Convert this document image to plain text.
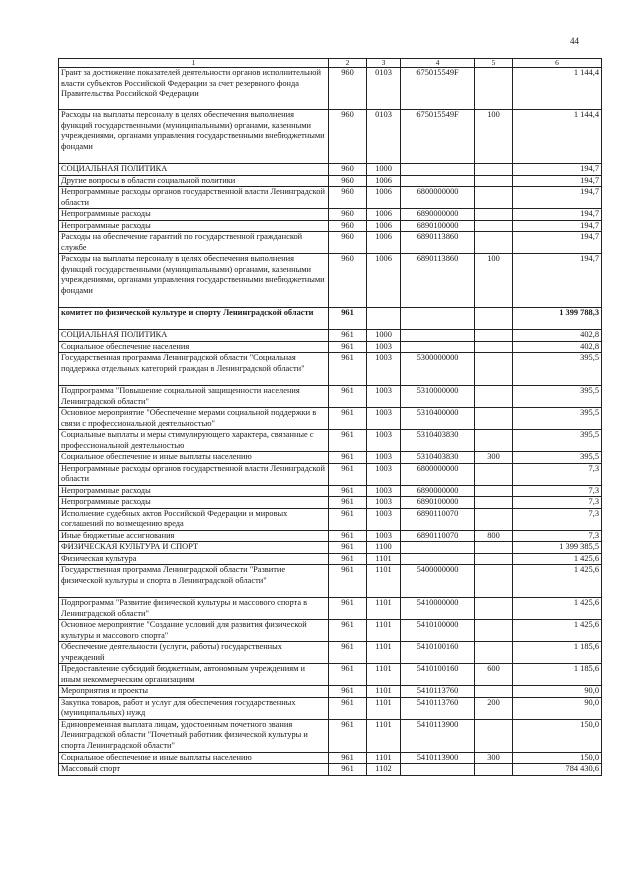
44
1	2	3	4	5	6
Грант за достижение показателей деятельности органов исполнительной власти субъектов Российской Федерации за счет резервного фонда Правительства Российской Федерации	960	0103	675015549F		1 144,4
Расходы на выплаты персоналу в целях обеспечения выполнения функций государственными (муниципальными) органами, казенными учреждениями, органами управления государственными внебюджетными фондами	960	0103	675015549F	100	1 144,4
СОЦИАЛЬНАЯ ПОЛИТИКА	960	1000			194,7
Другие вопросы в области социальной политики	960	1006			194,7
Непрограммные расходы органов государственной власти Ленинградской области	960	1006	6800000000		194,7
Непрограммные расходы	960	1006	6890000000		194,7
Непрограммные расходы	960	1006	6890100000		194,7
Расходы на обеспечение гарантий по государственной гражданской службе	960	1006	6890113860		194,7
Расходы на выплаты персоналу в целях обеспечения выполнения функций государственными (муниципальными) органами, казенными учреждениями, органами управления государственными внебюджетными фондами	960	1006	6890113860	100	194,7
комитет по физической культуре и спорту Ленинградской области	961				1 399 788,3
СОЦИАЛЬНАЯ ПОЛИТИКА	961	1000			402,8
Социальное обеспечение населения	961	1003			402,8
Государственная программа Ленинградской области "Социальная поддержка отдельных категорий граждан в Ленинградской области"	961	1003	5300000000		395,5
Подпрограмма "Повышение социальной защищенности населения Ленинградской области"	961	1003	5310000000		395,5
Основное мероприятие "Обеспечение мерами социальной поддержки в связи с профессиональной деятельностью"	961	1003	5310400000		395,5
Социальные выплаты и меры стимулирующего характера, связанные с профессиональной деятельностью	961	1003	5310403830		395,5
Социальное обеспечение и иные выплаты населению	961	1003	5310403830	300	395,5
Непрограммные расходы органов государственной власти Ленинградской области	961	1003	6800000000		7,3
Непрограммные расходы	961	1003	6890000000		7,3
Непрограммные расходы	961	1003	6890100000		7,3
Исполнение судебных актов Российской Федерации и мировых соглашений по возмещению вреда	961	1003	6890110070		7,3
Иные бюджетные ассигнования	961	1003	6890110070	800	7,3
ФИЗИЧЕСКАЯ КУЛЬТУРА И СПОРТ	961	1100			1 399 385,5
Физическая культура	961	1101			1 425,6
Государственная программа Ленинградской области "Развитие физической культуры и спорта в Ленинградской области"	961	1101	5400000000		1 425,6
Подпрограмма "Развитие физической культуры и массового спорта в Ленинградской области"	961	1101	5410000000		1 425,6
Основное мероприятие "Создание условий для развития физической культуры и массового спорта"	961	1101	5410100000		1 425,6
Обеспечение деятельности (услуги, работы) государственных учреждений	961	1101	5410100160		1 185,6
Предоставление субсидий бюджетным, автономным учреждениям и иным некоммерческим организациям	961	1101	5410100160	600	1 185,6
Мероприятия и проекты	961	1101	5410113760		90,0
Закупка товаров, работ и услуг для обеспечения государственных (муниципальных) нужд	961	1101	5410113760	200	90,0
Единовременная выплата лицам, удостоенным почетного звания Ленинградской области "Почетный работник физической культуры и спорта Ленинградской области"	961	1101	5410113900		150,0
Социальное обеспечение и иные выплаты населению	961	1101	5410113900	300	150,0
Массовый спорт	961	1102			784 430,6
